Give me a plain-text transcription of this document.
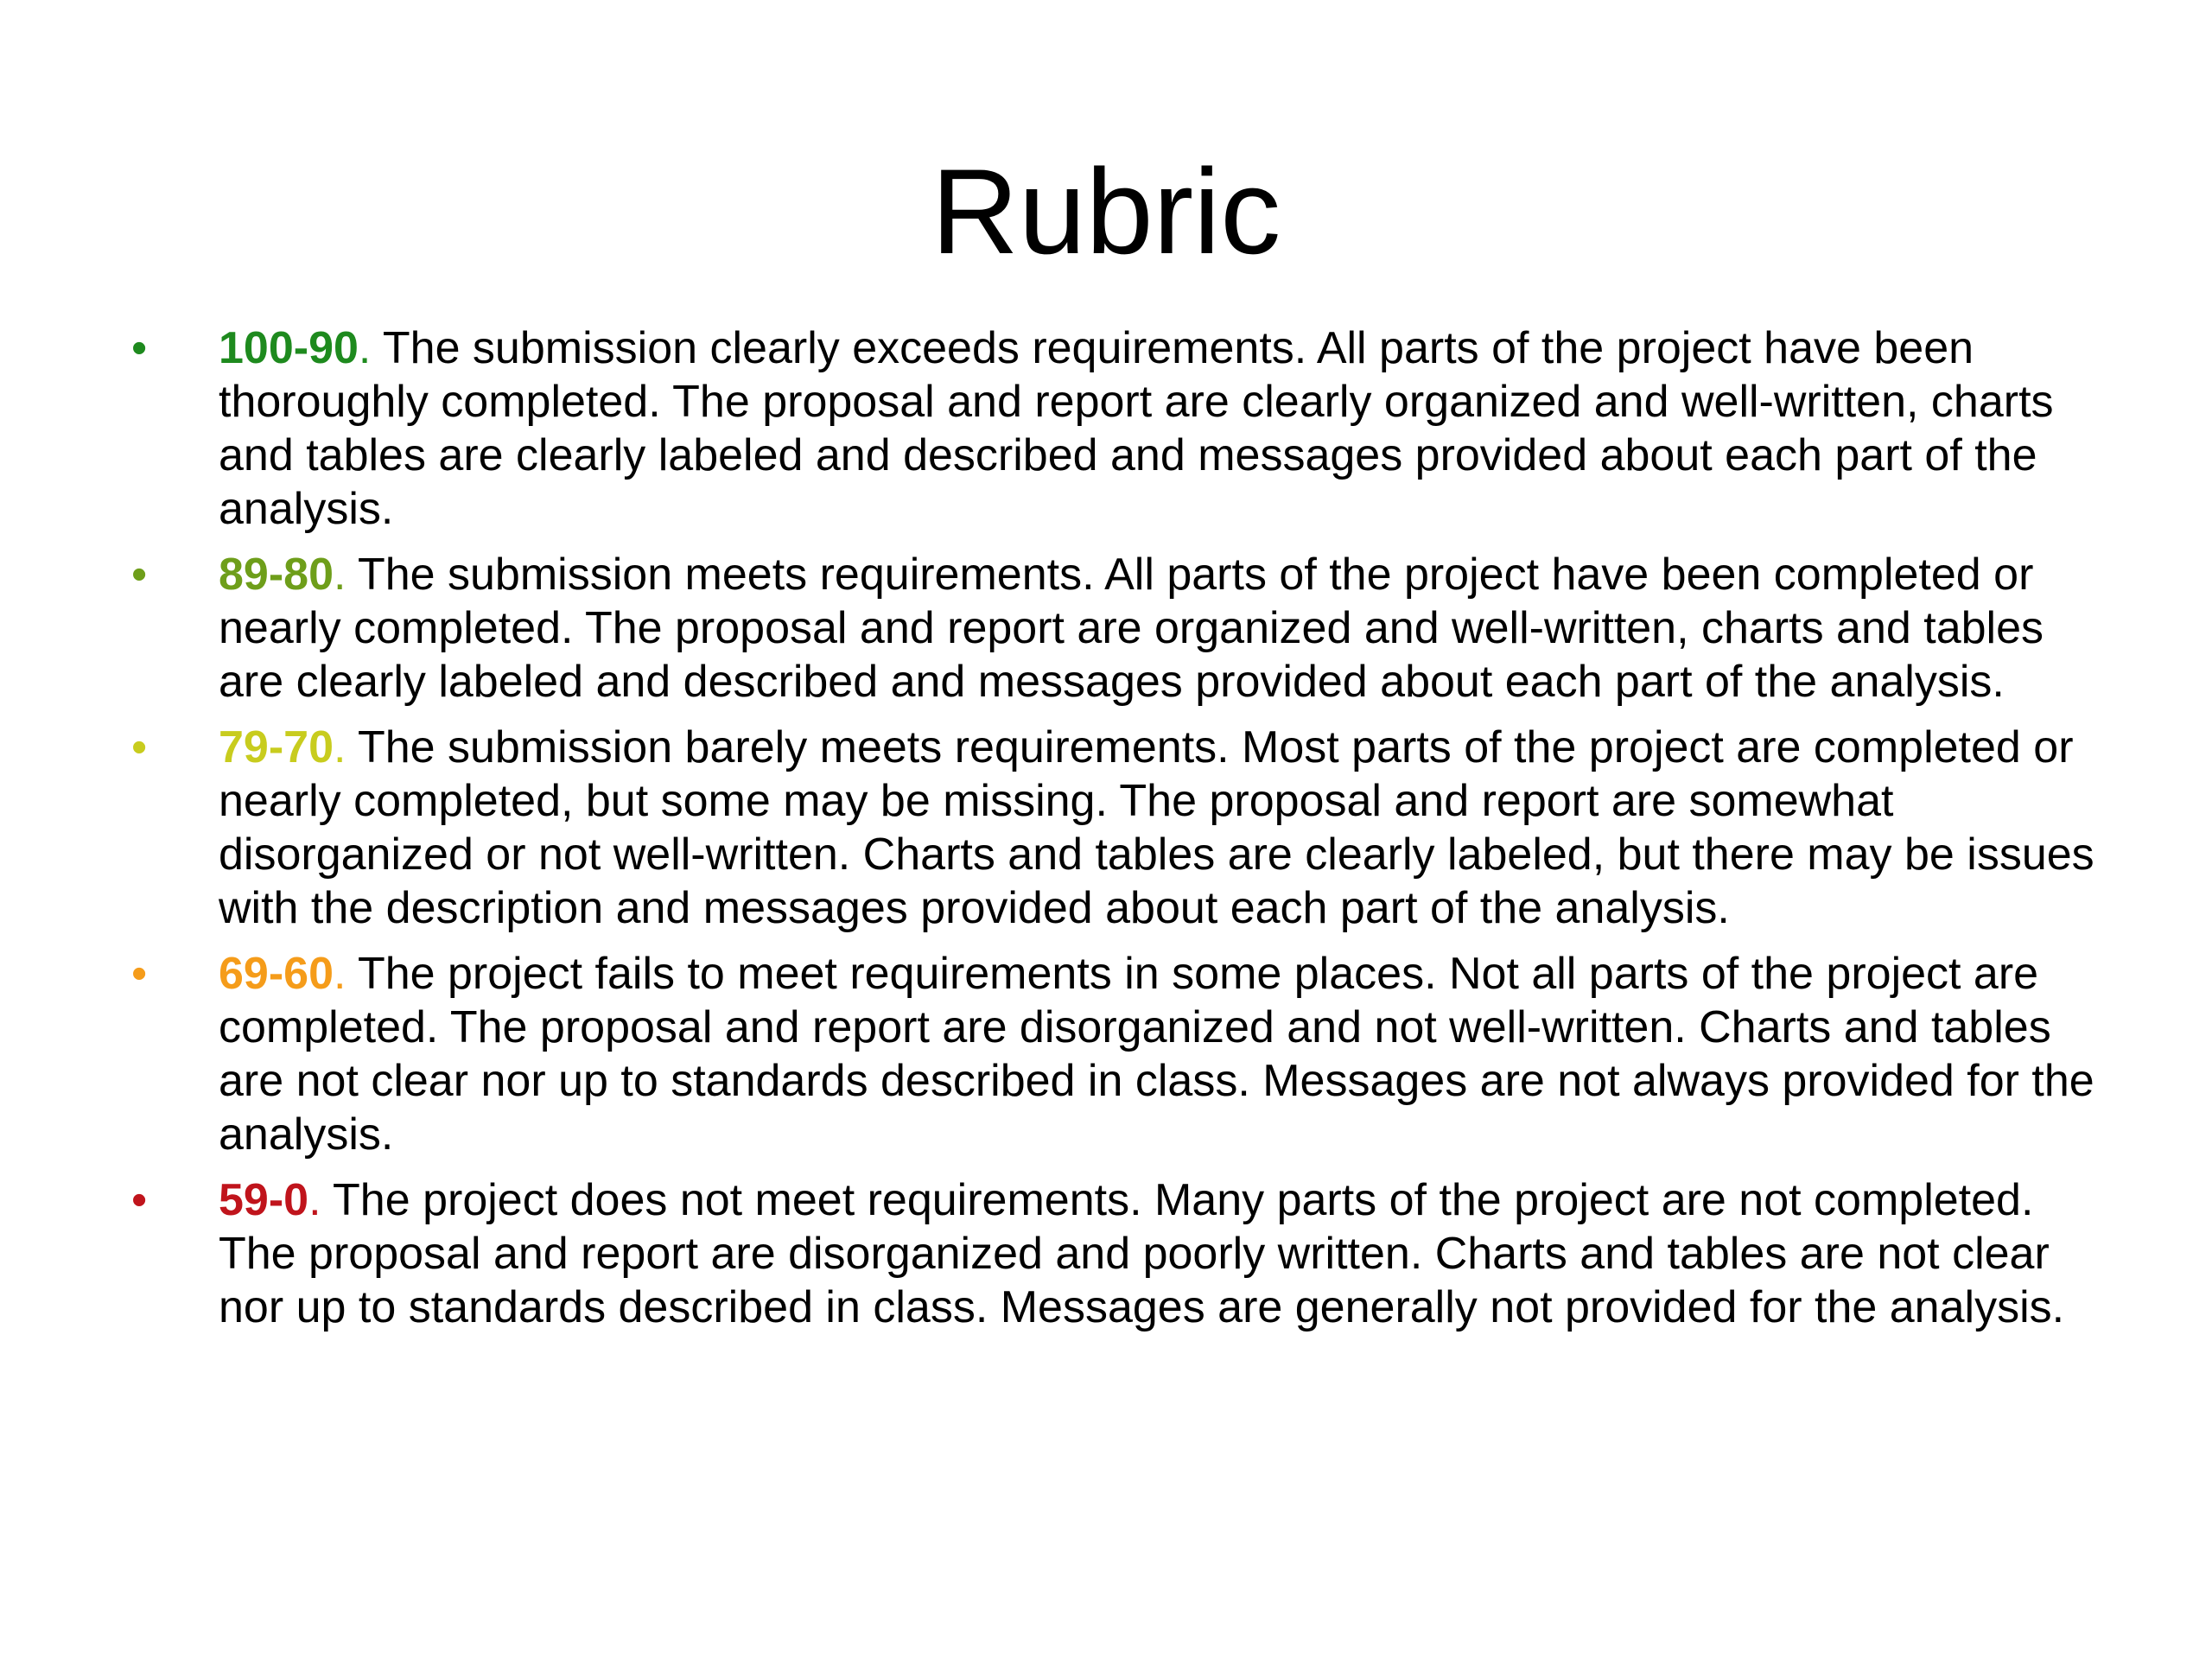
Rubric
•	100-90. The submission clearly exceeds requirements. All parts of the project have been thoroughly completed. The proposal and report are clearly organized and well-written, charts and tables are clearly labeled and described and messages provided about each part of the analysis.
•	89-80. The submission meets requirements. All parts of the project have been completed or nearly completed. The proposal and report are organized and well-written, charts and tables are clearly labeled and described and messages provided about each part of the analysis.
•	79-70. The submission barely meets requirements. Most parts of the project are completed or nearly completed, but some may be missing. The proposal and report are somewhat disorganized or not well-written. Charts and tables are clearly labeled, but there may be issues with the description and messages provided about each part of the analysis.
•	69-60. The project fails to meet requirements in some places. Not all parts of the project are completed. The proposal and report are disorganized and not well-written. Charts and tables are not clear nor up to standards described in class. Messages are not always provided for the analysis.
•	59-0. The project does not meet requirements. Many parts of the project are not completed. The proposal and report are disorganized and poorly written. Charts and tables are not clear nor up to standards described in class. Messages are generally not provided for the analysis.
